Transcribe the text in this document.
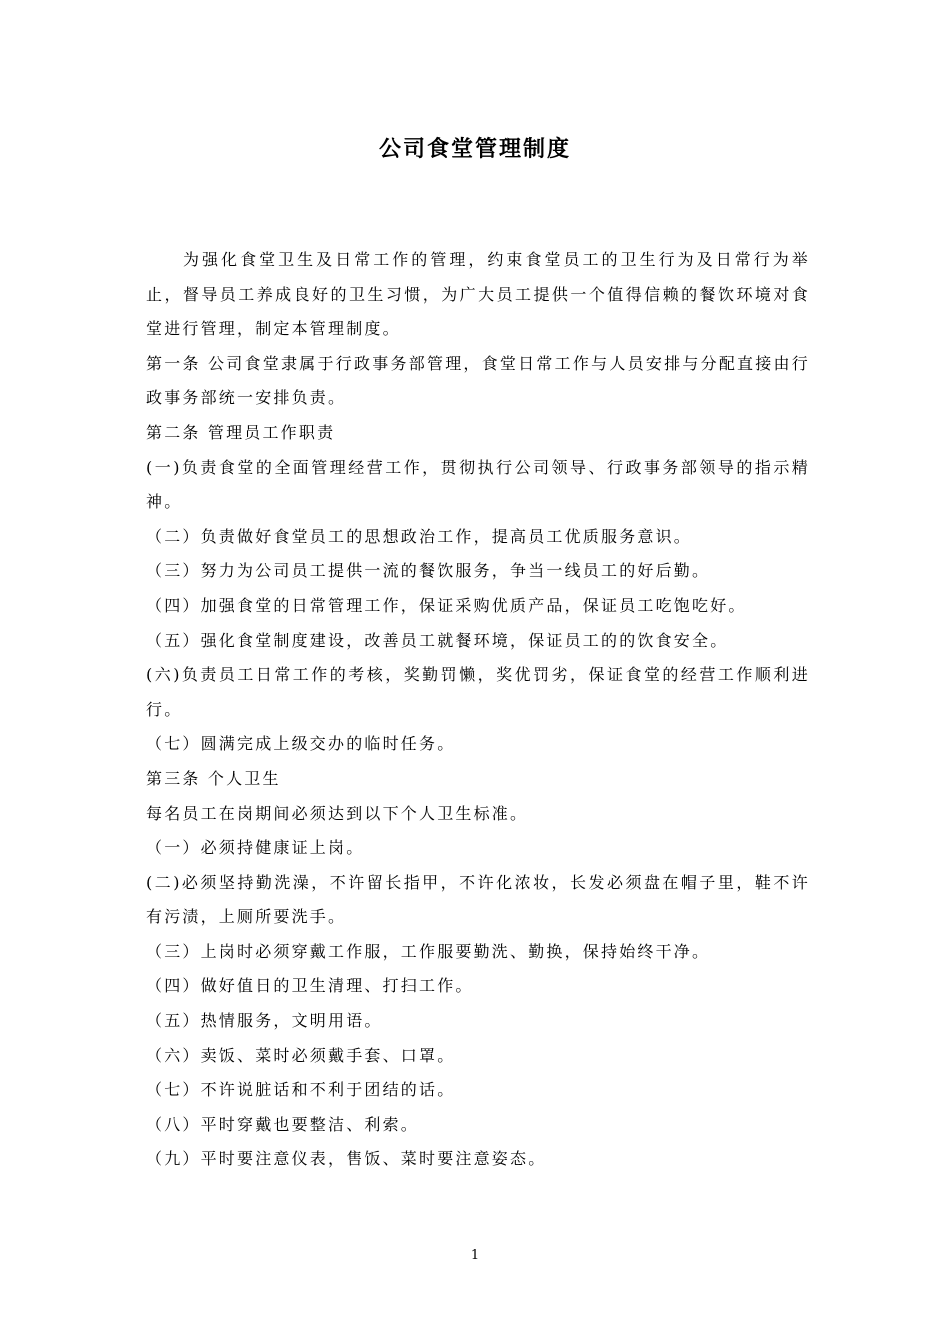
公司食堂管理制度

为强化食堂卫生及日常工作的管理，约束食堂员工的卫生行为及日常行为举止，督导员工养成良好的卫生习惯，为广大员工提供一个值得信赖的餐饮环境对食堂进行管理，制定本管理制度。

第一条 公司食堂隶属于行政事务部管理，食堂日常工作与人员安排与分配直接由行政事务部统一安排负责。

第二条 管理员工作职责

(一)负责食堂的全面管理经营工作，贯彻执行公司领导、行政事务部领导的指示精神。

（二）负责做好食堂员工的思想政治工作，提高员工优质服务意识。

（三）努力为公司员工提供一流的餐饮服务，争当一线员工的好后勤。

（四）加强食堂的日常管理工作，保证采购优质产品，保证员工吃饱吃好。

（五）强化食堂制度建设，改善员工就餐环境，保证员工的的饮食安全。

(六)负责员工日常工作的考核，奖勤罚懒，奖优罚劣，保证食堂的经营工作顺利进行。

（七）圆满完成上级交办的临时任务。

第三条 个人卫生

每名员工在岗期间必须达到以下个人卫生标准。

（一）必须持健康证上岗。

(二)必须坚持勤洗澡，不许留长指甲，不许化浓妆，长发必须盘在帽子里，鞋不许有污渍，上厕所要洗手。

（三）上岗时必须穿戴工作服，工作服要勤洗、勤换，保持始终干净。

（四）做好值日的卫生清理、打扫工作。

（五）热情服务，文明用语。

（六）卖饭、菜时必须戴手套、口罩。

（七）不许说脏话和不利于团结的话。

（八）平时穿戴也要整洁、利索。

（九）平时要注意仪表，售饭、菜时要注意姿态。

1
